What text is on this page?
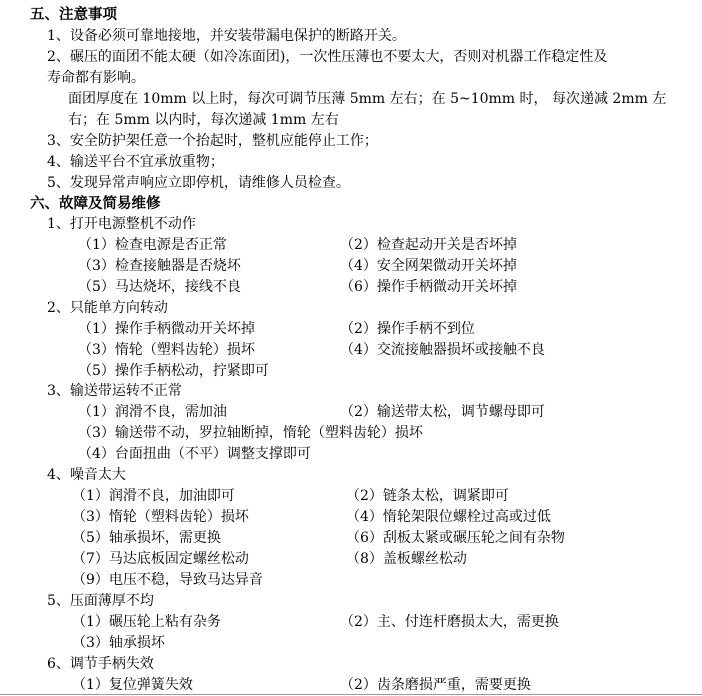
五、注意事项
1、设备必须可靠地接地，并安装带漏电保护的断路开关。
2、碾压的面团不能太硬（如冷冻面团)，一次性压薄也不要太大，否则对机器工作稳定性及
寿命都有影响。
面团厚度在 10mm 以上时，每次可调节压薄 5mm 左右；在 5~10mm 时， 每次递减 2mm 左
右；在 5mm 以内时，每次递减 1mm 左右
3、安全防护架任意一个抬起时，整机应能停止工作；
4、输送平台不宜承放重物；
5、发现异常声响应立即停机，请维修人员检查。
六、故障及简易维修
1、打开电源整机不动作
（1）检查电源是否正常	（2）检查起动开关是否坏掉
（3）检查接触器是否烧坏	（4）安全网架微动开关坏掉
（5）马达烧坏，接线不良	（6）操作手柄微动开关坏掉
2、只能单方向转动
（1）操作手柄微动开关坏掉	（2）操作手柄不到位
（3）惰轮（塑料齿轮）损坏	（4）交流接触器损坏或接触不良
（5）操作手柄松动，拧紧即可
3、输送带运转不正常
（1）润滑不良，需加油	（2）输送带太松，调节螺母即可
（3）输送带不动，罗拉轴断掉，惰轮（塑料齿轮）损坏
（4）台面扭曲（不平）调整支撑即可
4、噪音太大
（1）润滑不良，加油即可	（2）链条太松，调紧即可
（3）惰轮（塑料齿轮）损坏	（4）惰轮架限位螺栓过高或过低
（5）轴承损坏，需更换	（6）刮板太紧或碾压轮之间有杂物
（7）马达底板固定螺丝松动	（8）盖板螺丝松动
（9）电压不稳，导致马达异音
5、压面薄厚不均
（1）碾压轮上粘有杂务	（2）主、付连杆磨损太大，需更换
（3）轴承损坏
6、调节手柄失效
（1）复位弹簧失效	（2）齿条磨损严重，需要更换
